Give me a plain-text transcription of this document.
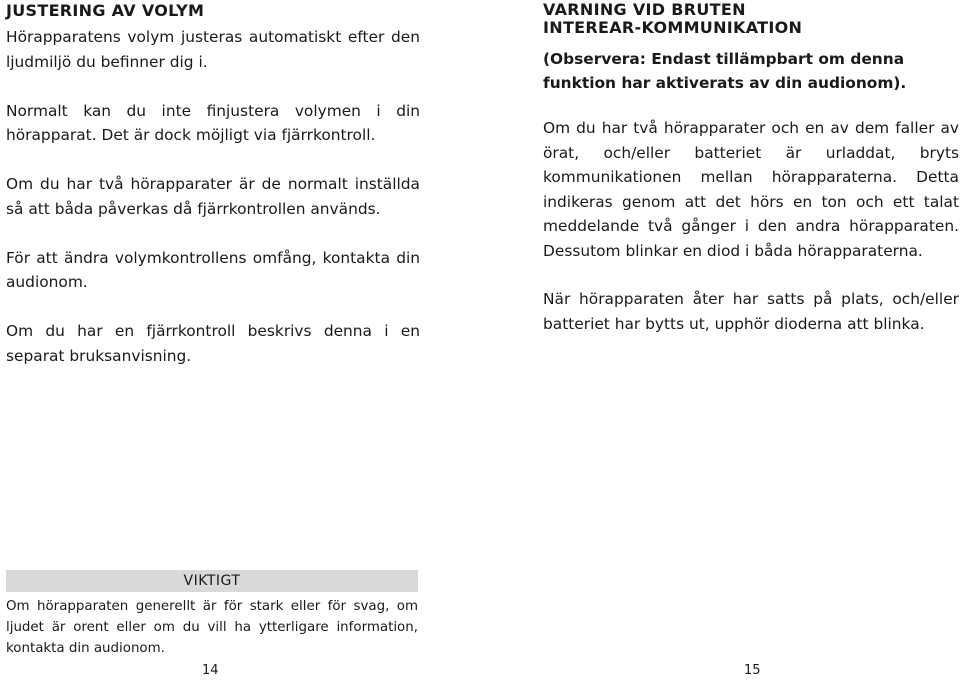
JUSTERING AV VOLYM

Hörapparatens volym justeras automatiskt efter den ljudmiljö du befinner dig i.

Normalt kan du inte finjustera volymen i din hörapparat. Det är dock möjligt via fjärrkontroll.

Om du har två hörapparater är de normalt inställda så att båda påverkas då fjärrkontrollen används.

För att ändra volymkontrollens omfång, kontakta din audionom.

Om du har en fjärrkontroll beskrivs denna i en separat bruksanvisning.

VARNING VID BRUTEN
INTEREAR-KOMMUNIKATION

(Observera: Endast tillämpbart om denna funktion har aktiverats av din audionom).

Om du har två hörapparater och en av dem faller av örat, och/eller batteriet är urladdat, bryts kommunikationen mellan hörapparaterna. Detta indikeras genom att det hörs en ton och ett talat meddelande två gånger i den andra hörapparaten. Dessutom blinkar en diod i båda hörapparaterna.

När hörapparaten åter har satts på plats, och/eller batteriet har bytts ut, upphör dioderna att blinka.

VIKTIGT
Om hörapparaten generellt är för stark eller för svag, om ljudet är orent eller om du vill ha ytterligare information, kontakta din audionom.
14	15
